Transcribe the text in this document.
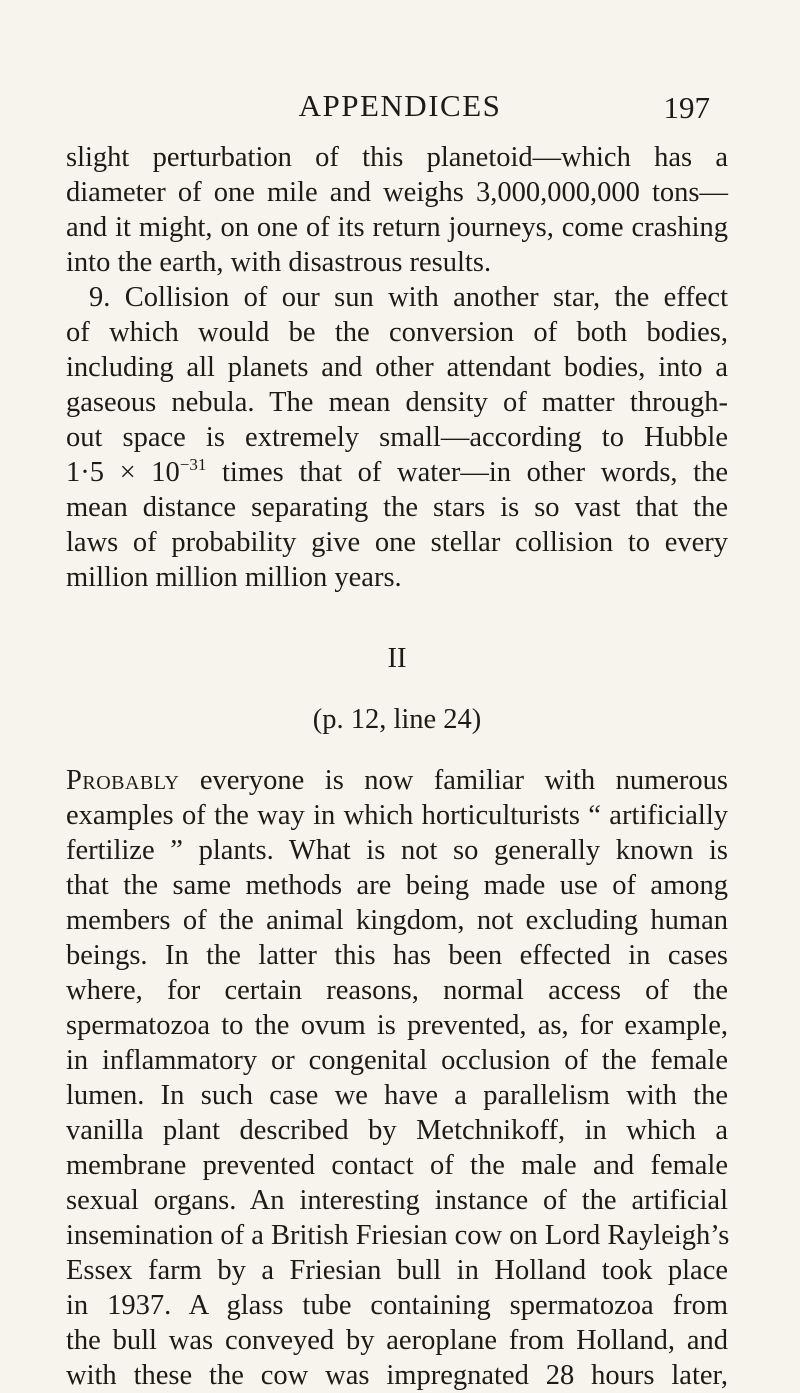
APPENDICES	197
slight perturbation of this planetoid—which has a
diameter of one mile and weighs 3,000,000,000 tons—
and it might, on one of its return journeys, come crashing
into the earth, with disastrous results.
9. Collision of our sun with another star, the effect
of which would be the conversion of both bodies,
including all planets and other attendant bodies, into a
gaseous nebula. The mean density of matter through-
out space is extremely small—according to Hubble
$1\cdot 5 \times 10^{-31}$ times that of water—in other words, the
mean distance separating the stars is so vast that the
laws of probability give one stellar collision to every
million million million years.
II
(p. 12, line 24)
Probably everyone is now familiar with numerous
examples of the way in which horticulturists “ artificially
fertilize ” plants. What is not so generally known is
that the same methods are being made use of among
members of the animal kingdom, not excluding human
beings. In the latter this has been effected in cases
where, for certain reasons, normal access of the
spermatozoa to the ovum is prevented, as, for example,
in inflammatory or congenital occlusion of the female
lumen. In such case we have a parallelism with the
vanilla plant described by Metchnikoff, in which a
membrane prevented contact of the male and female
sexual organs. An interesting instance of the artificial
insemination of a British Friesian cow on Lord Rayleigh’s
Essex farm by a Friesian bull in Holland took place
in 1937. A glass tube containing spermatozoa from
the bull was conveyed by aeroplane from Holland, and
with these the cow was impregnated 28 hours later,
